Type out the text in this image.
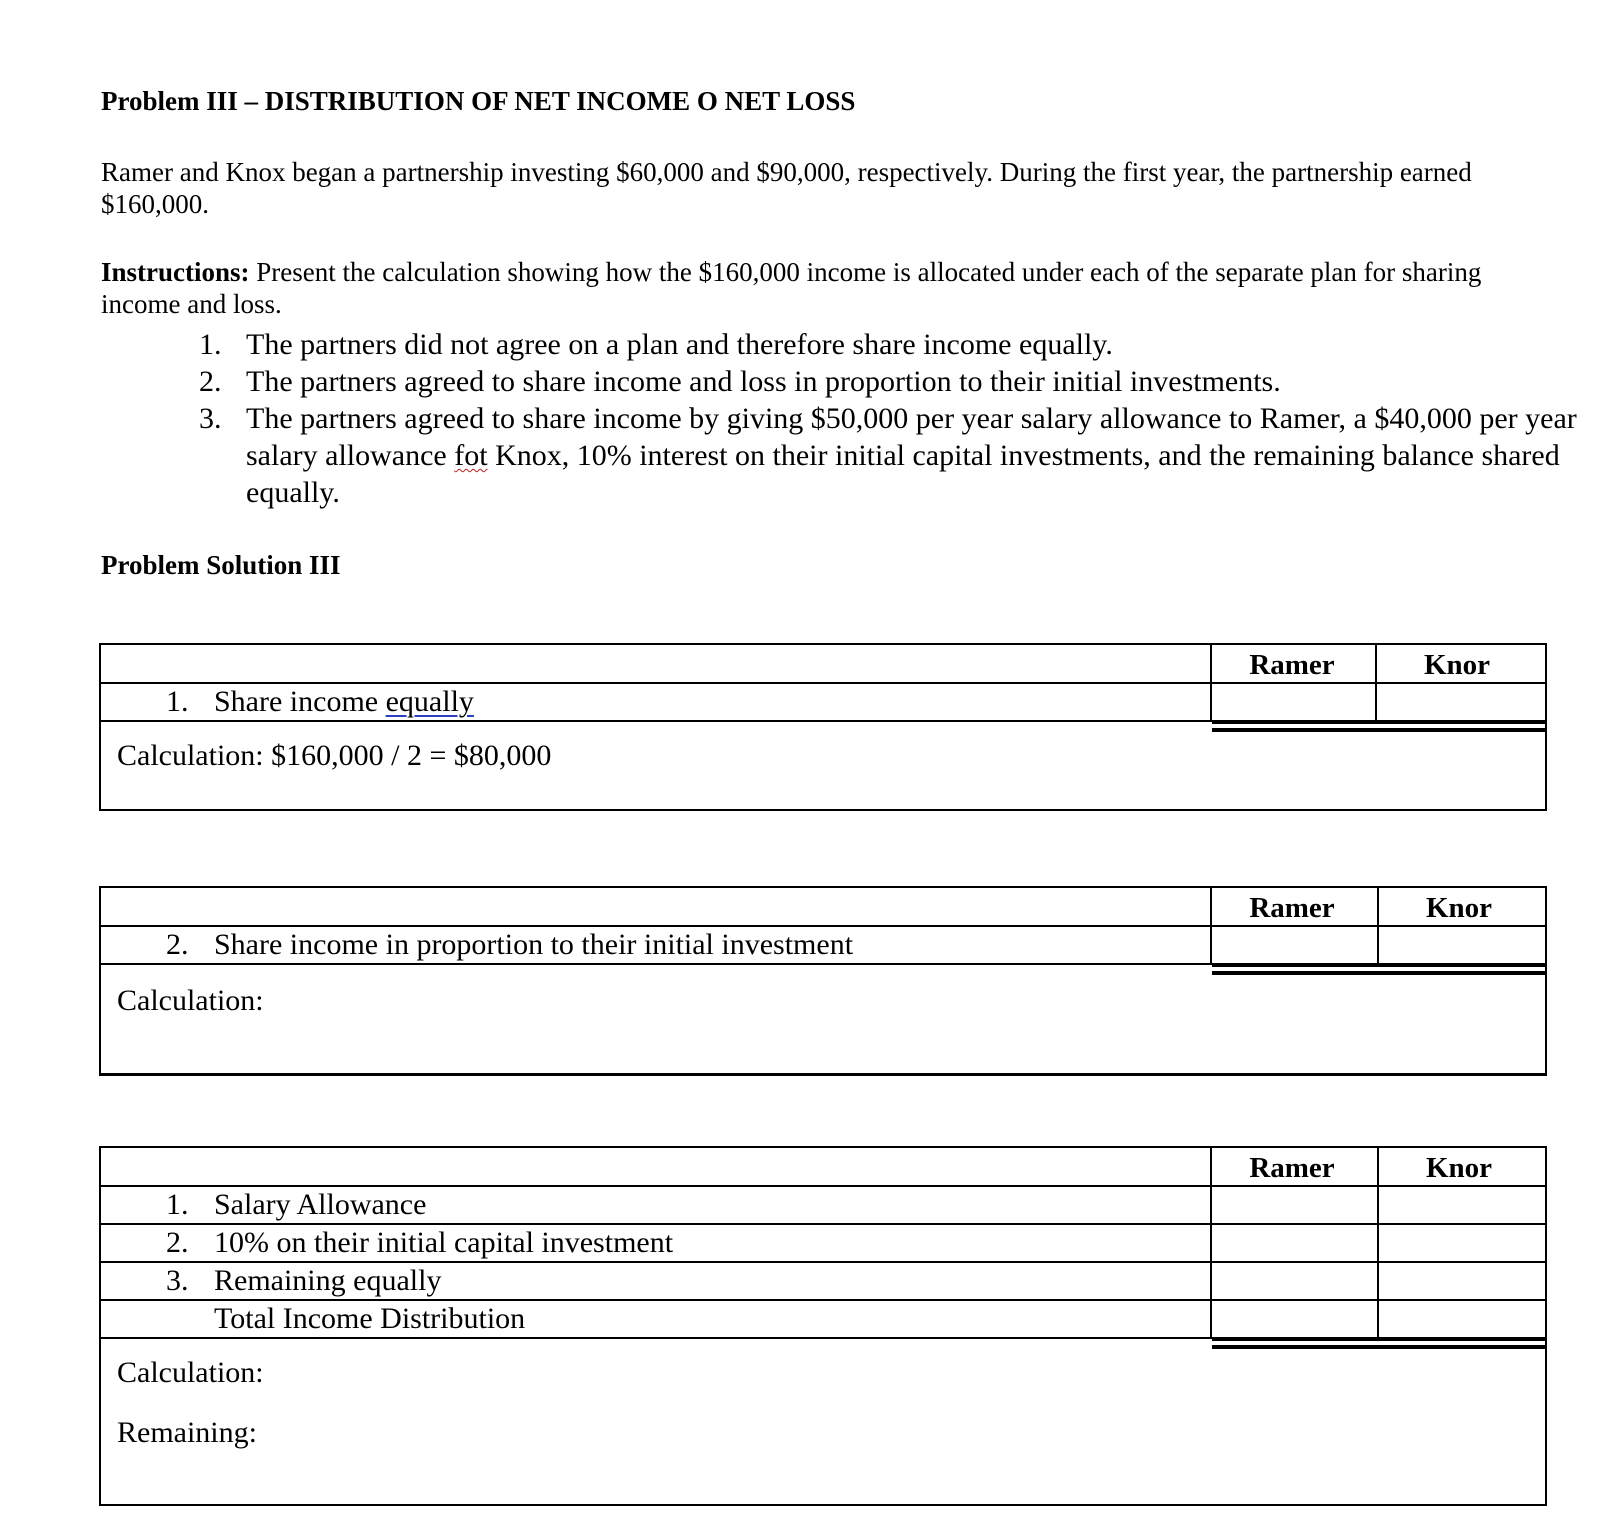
Problem III – DISTRIBUTION OF NET INCOME O NET LOSS
Ramer and Knox began a partnership investing $60,000 and $90,000, respectively. During the first year, the partnership earned $160,000.
Instructions: Present the calculation showing how the $160,000 income is allocated under each of the separate plan for sharing income and loss.
1. The partners did not agree on a plan and therefore share income equally.
2. The partners agreed to share income and loss in proportion to their initial investments.
3. The partners agreed to share income by giving $50,000 per year salary allowance to Ramer, a $40,000 per year salary allowance fot Knox, 10% interest on their initial capital investments, and the remaining balance shared equally.
Problem Solution III
Ramer	Knor
1. Share income equally
Calculation: $160,000 / 2 = $80,000
Ramer	Knor
2. Share income in proportion to their initial investment
Calculation:
Ramer	Knor
1. Salary Allowance
2. 10% on their initial capital investment
3. Remaining equally
Total Income Distribution
Calculation:
Remaining:
